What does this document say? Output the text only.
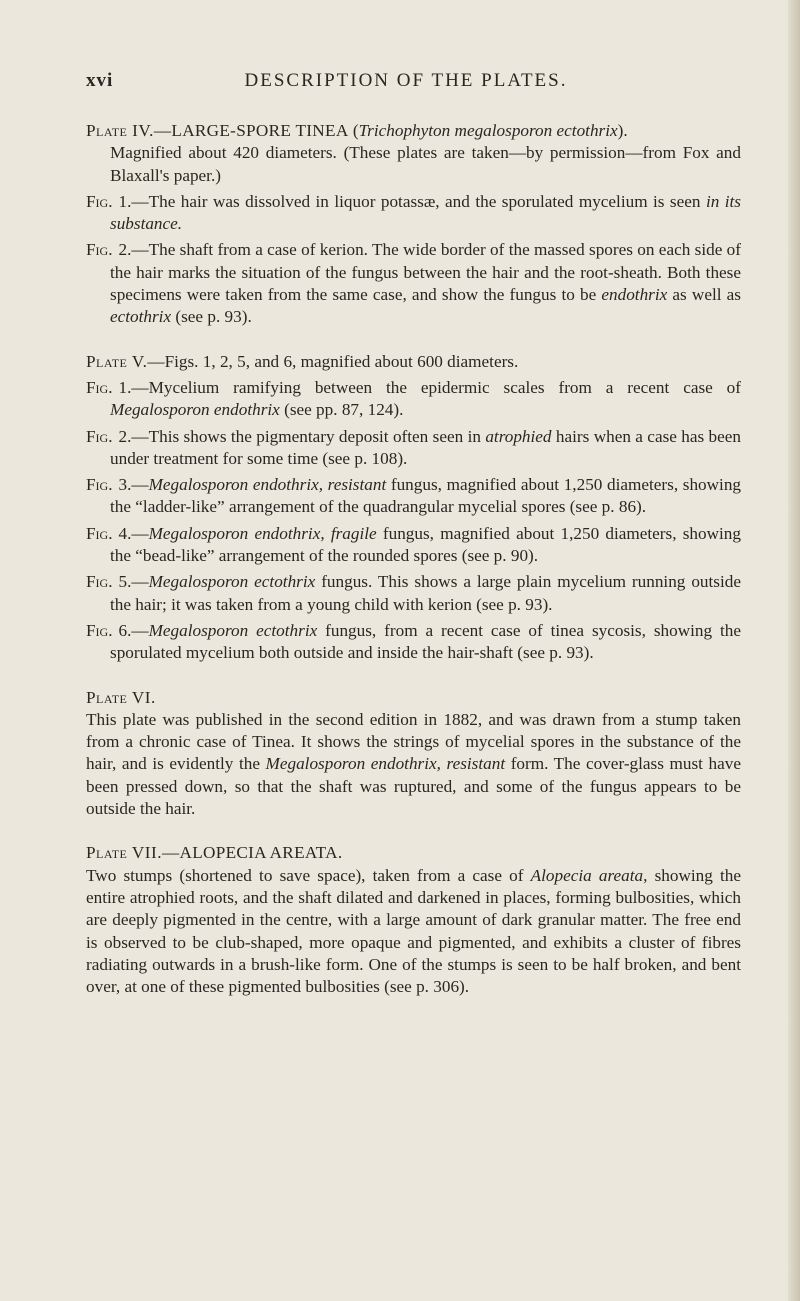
xvi	DESCRIPTION OF THE PLATES.

Plate IV.—LARGE-SPORE TINEA (Trichophyton megalosporon ectothrix).

Magnified about 420 diameters. (These plates are taken—by permission—from Fox and Blaxall's paper.)

Fig. 1.—The hair was dissolved in liquor potassæ, and the sporulated mycelium is seen in its substance.

Fig. 2.—The shaft from a case of kerion. The wide border of the massed spores on each side of the hair marks the situation of the fungus between the hair and the root-sheath. Both these specimens were taken from the same case, and show the fungus to be endothrix as well as ectothrix (see p. 93).

Plate V.—Figs. 1, 2, 5, and 6, magnified about 600 diameters.

Fig. 1.—Mycelium ramifying between the epidermic scales from a recent case of Megalosporon endothrix (see pp. 87, 124).

Fig. 2.—This shows the pigmentary deposit often seen in atrophied hairs when a case has been under treatment for some time (see p. 108).

Fig. 3.—Megalosporon endothrix, resistant fungus, magnified about 1,250 diameters, showing the “ladder-like” arrangement of the quadrangular mycelial spores (see p. 86).

Fig. 4.—Megalosporon endothrix, fragile fungus, magnified about 1,250 diameters, showing the “bead-like” arrangement of the rounded spores (see p. 90).

Fig. 5.—Megalosporon ectothrix fungus. This shows a large plain mycelium running outside the hair; it was taken from a young child with kerion (see p. 93).

Fig. 6.—Megalosporon ectothrix fungus, from a recent case of tinea sycosis, showing the sporulated mycelium both outside and inside the hair-shaft (see p. 93).

Plate VI.

This plate was published in the second edition in 1882, and was drawn from a stump taken from a chronic case of Tinea. It shows the strings of mycelial spores in the substance of the hair, and is evidently the Megalosporon endothrix, resistant form. The cover-glass must have been pressed down, so that the shaft was ruptured, and some of the fungus appears to be outside the hair.

Plate VII.—ALOPECIA AREATA.

Two stumps (shortened to save space), taken from a case of Alopecia areata, showing the entire atrophied roots, and the shaft dilated and darkened in places, forming bulbosities, which are deeply pigmented in the centre, with a large amount of dark granular matter. The free end is observed to be club-shaped, more opaque and pigmented, and exhibits a cluster of fibres radiating outwards in a brush-like form. One of the stumps is seen to be half broken, and bent over, at one of these pigmented bulbosities (see p. 306).
